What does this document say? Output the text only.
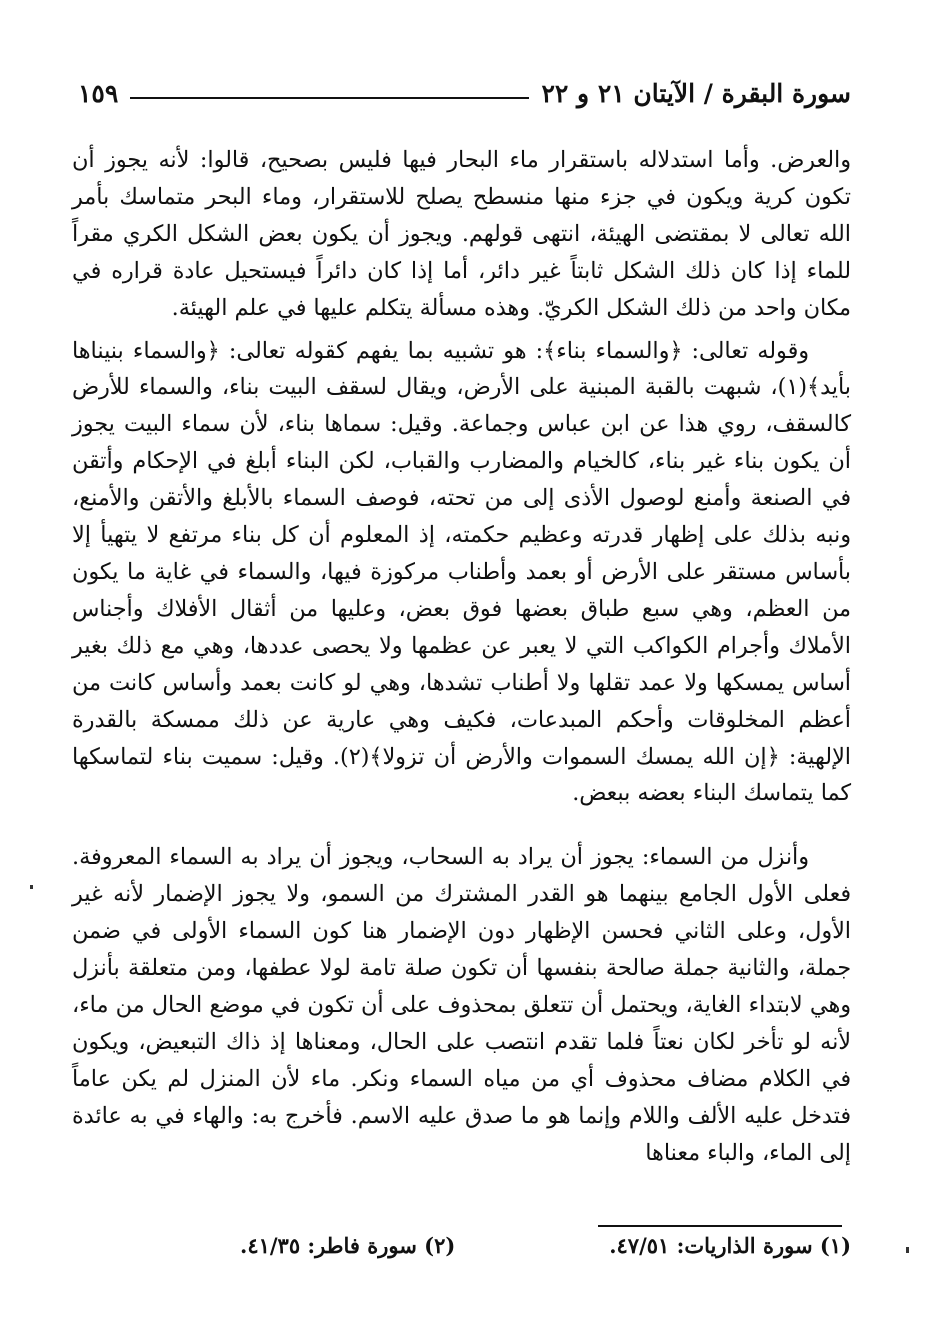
سورة البقرة / الآيتان ٢١ و ٢٢
١٥٩

والعرض. وأما استدلاله باستقرار ماء البحار فيها فليس بصحيح، قالوا: لأنه يجوز أن تكون كرية ويكون في جزء منها منسطح يصلح للاستقرار، وماء البحر متماسك بأمر الله تعالى لا بمقتضى الهيئة، انتهى قولهم. ويجوز أن يكون بعض الشكل الكري مقراً للماء إذا كان ذلك الشكل ثابتاً غير دائر، أما إذا كان دائراً فيستحيل عادة قراره في مكان واحد من ذلك الشكل الكريّ. وهذه مسألة يتكلم عليها في علم الهيئة.

وقوله تعالى: ﴿والسماء بناء﴾: هو تشبيه بما يفهم كقوله تعالى: ﴿والسماء بنيناها بأيد﴾(١)، شبهت بالقبة المبنية على الأرض، ويقال لسقف البيت بناء، والسماء للأرض كالسقف، روي هذا عن ابن عباس وجماعة. وقيل: سماها بناء، لأن سماء البيت يجوز أن يكون بناء غير بناء، كالخيام والمضارب والقباب، لكن البناء أبلغ في الإحكام وأتقن في الصنعة وأمنع لوصول الأذى إلى من تحته، فوصف السماء بالأبلغ والأتقن والأمنع، ونبه بذلك على إظهار قدرته وعظيم حكمته، إذ المعلوم أن كل بناء مرتفع لا يتهيأ إلا بأساس مستقر على الأرض أو بعمد وأطناب مركوزة فيها، والسماء في غاية ما يكون من العظم، وهي سبع طباق بعضها فوق بعض، وعليها من أثقال الأفلاك وأجناس الأملاك وأجرام الكواكب التي لا يعبر عن عظمها ولا يحصى عددها، وهي مع ذلك بغير أساس يمسكها ولا عمد تقلها ولا أطناب تشدها، وهي لو كانت بعمد وأساس كانت من أعظم المخلوقات وأحكم المبدعات، فكيف وهي عارية عن ذلك ممسكة بالقدرة الإلهية: ﴿إن الله يمسك السموات والأرض أن تزولا﴾(٢). وقيل: سميت بناء لتماسكها كما يتماسك البناء بعضه ببعض.

وأنزل من السماء: يجوز أن يراد به السحاب، ويجوز أن يراد به السماء المعروفة. فعلى الأول الجامع بينهما هو القدر المشترك من السمو، ولا يجوز الإضمار لأنه غير الأول، وعلى الثاني فحسن الإظهار دون الإضمار هنا كون السماء الأولى في ضمن جملة، والثانية جملة صالحة بنفسها أن تكون صلة تامة لولا عطفها، ومن متعلقة بأنزل وهي لابتداء الغاية، ويحتمل أن تتعلق بمحذوف على أن تكون في موضع الحال من ماء، لأنه لو تأخر لكان نعتاً فلما تقدم انتصب على الحال، ومعناها إذ ذاك التبعيض، ويكون في الكلام مضاف محذوف أي من مياه السماء ونكر. ماء لأن المنزل لم يكن عاماً فتدخل عليه الألف واللام وإنما هو ما صدق عليه الاسم. فأخرج به: والهاء في به عائدة إلى الماء، والباء معناها

(١) سورة الذاريات: ٤٧/٥١.
(٢) سورة فاطر: ٤١/٣٥.
